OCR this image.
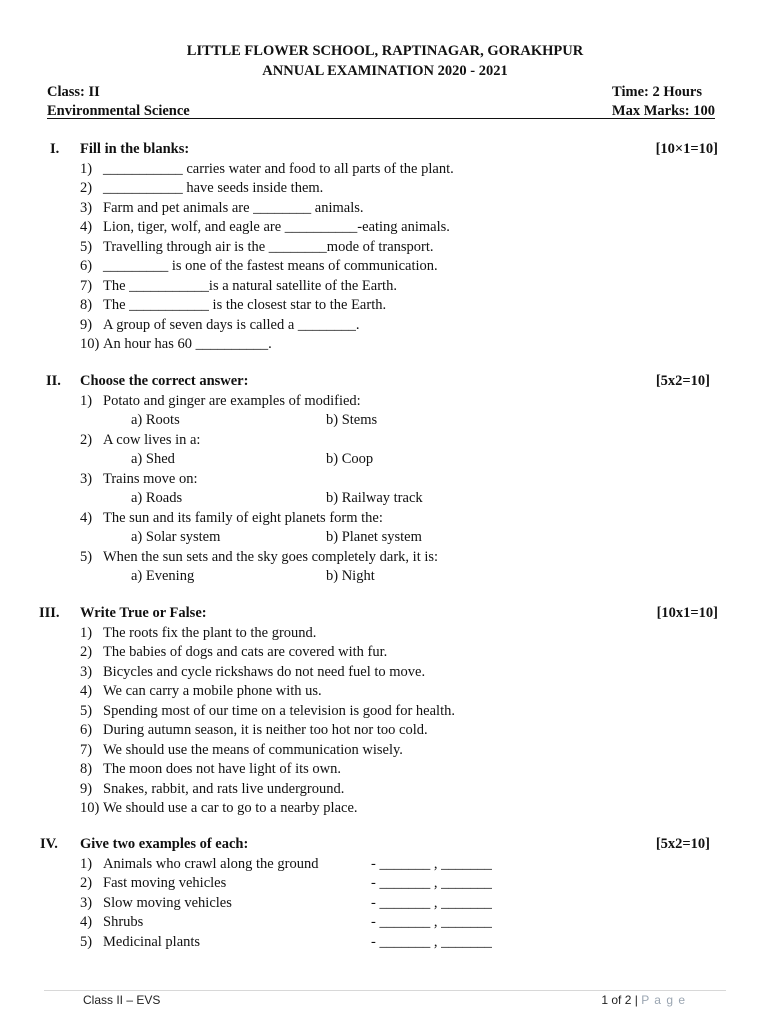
LITTLE FLOWER SCHOOL, RAPTINAGAR, GORAKHPUR
ANNUAL EXAMINATION 2020 - 2021
Class: II
Environmental Science
Time: 2 Hours
Max Marks: 100
I.	Fill in the blanks:	[10×1=10]
1) ___________ carries water and food to all parts of the plant.
2) ___________ have seeds inside them.
3) Farm and pet animals are ________ animals.
4) Lion, tiger, wolf, and eagle are __________-eating animals.
5) Travelling through air is the ________mode of transport.
6) _________ is one of the fastest means of communication.
7) The ___________is a natural satellite of the Earth.
8) The ___________ is the closest star to the Earth.
9) A group of seven days is called a ________.
10) An hour has 60 __________.
II.	Choose the correct answer:	[5x2=10]
1) Potato and ginger are examples of modified:
a) Roots	b) Stems
2) A cow lives in a:
a) Shed	b) Coop
3) Trains move on:
a) Roads	b) Railway track
4) The sun and its family of eight planets form the:
a) Solar system	b) Planet system
5) When the sun sets and the sky goes completely dark, it is:
a) Evening	b) Night
III.	Write True or False:	[10x1=10]
1) The roots fix the plant to the ground.
2) The babies of dogs and cats are covered with fur.
3) Bicycles and cycle rickshaws do not need fuel to move.
4) We can carry a mobile phone with us.
5) Spending most of our time on a television is good for health.
6) During autumn season, it is neither too hot nor too cold.
7) We should use the means of communication wisely.
8) The moon does not have light of its own.
9) Snakes, rabbit, and rats live underground.
10) We should use a car to go to a nearby place.
IV.	Give two examples of each:	[5x2=10]
1) Animals who crawl along the ground	- _______ , _______
2) Fast moving vehicles	- _______ , _______
3) Slow moving vehicles	- _______ , _______
4) Shrubs	- _______ , _______
5) Medicinal plants	- _______ , _______
Class II – EVS	1 of 2 | P a g e
